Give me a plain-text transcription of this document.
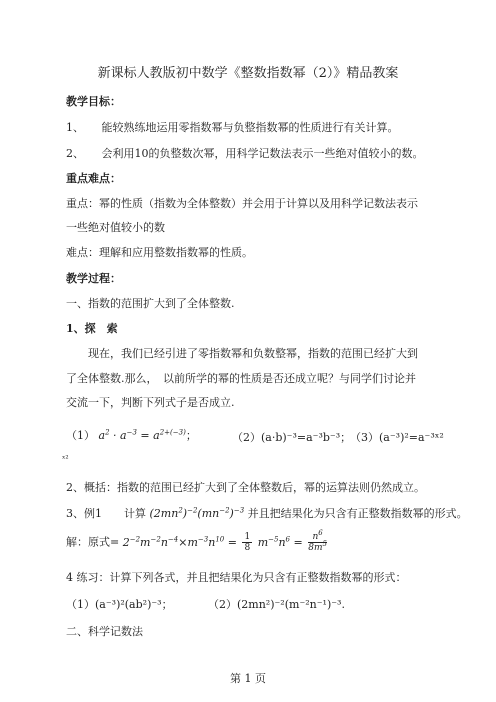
新课标人教版初中数学《整数指数幂（2）》精品教案
教学目标：
1、 能较熟练地运用零指数幂与负整指数幂的性质进行有关计算。
2、 会利用10的负整数次幂，用科学记数法表示一些绝对值较小的数。
重点难点：
重点：幂的性质（指数为全体整数）并会用于计算以及用科学记数法表示
一些绝对值较小的数
难点：理解和应用整数指数幂的性质。
教学过程：
一、指数的范围扩大到了全体整数.
1、探　索
现在，我们已经引进了零指数幂和负数整幂，指数的范围已经扩大到
了全体整数.那么，　以前所学的幂的性质是否还成立呢？与同学们讨论并
交流一下，判断下列式子是否成立.
（1） $a^2 \cdot a^{-3} = a^{2+(-3)}$；	（2）(a·b)⁻³=a⁻³b⁻³；
（3）(a⁻³)²=a⁻³ˣ²
ˣ²
2、概括：指数的范围已经扩大到了全体整数后，幂的运算法则仍然成立。
3、例1　　计算 $(2mn^2)^{-2}(mn^{-2})^{-3}$ 并且把结果化为只含有正整数指数幂的形式。
解：原式= $2^{-2}m^{-2}n^{-4}\times m^{-3}n^{10} = \frac{1}{8} m^{-5}n^6 = \frac{n^6}{8m^5}$
4 练习：计算下列各式，并且把结果化为只含有正整数指数幂的形式：
（1）(a⁻³)²(ab²)⁻³；	（2）(2mn²)⁻²(m⁻²n⁻¹)⁻³.
二、科学记数法
第 1 页
